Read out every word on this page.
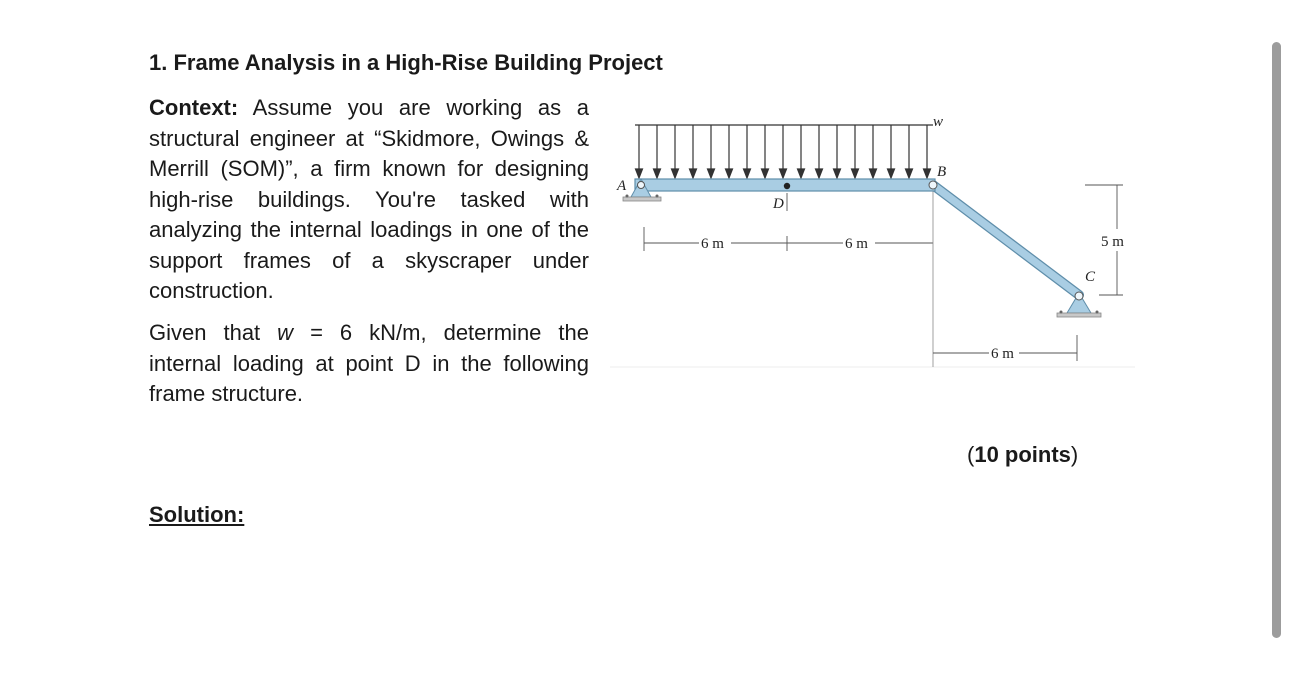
1. Frame Analysis in a High-Rise Building Project
Context: Assume you are working as a structural engineer at “Skidmore, Owings & Merrill (SOM)”, a firm known for designing high-rise buildings. You're tasked with analyzing the internal loadings in one of the support frames of a skyscraper under construction.
Given that w = 6 kN/m, determine the internal loading at point D in the following frame structure.
w
6 m	6 m
6 m
5 m
D
A
B
C
(10 points)
Solution:
